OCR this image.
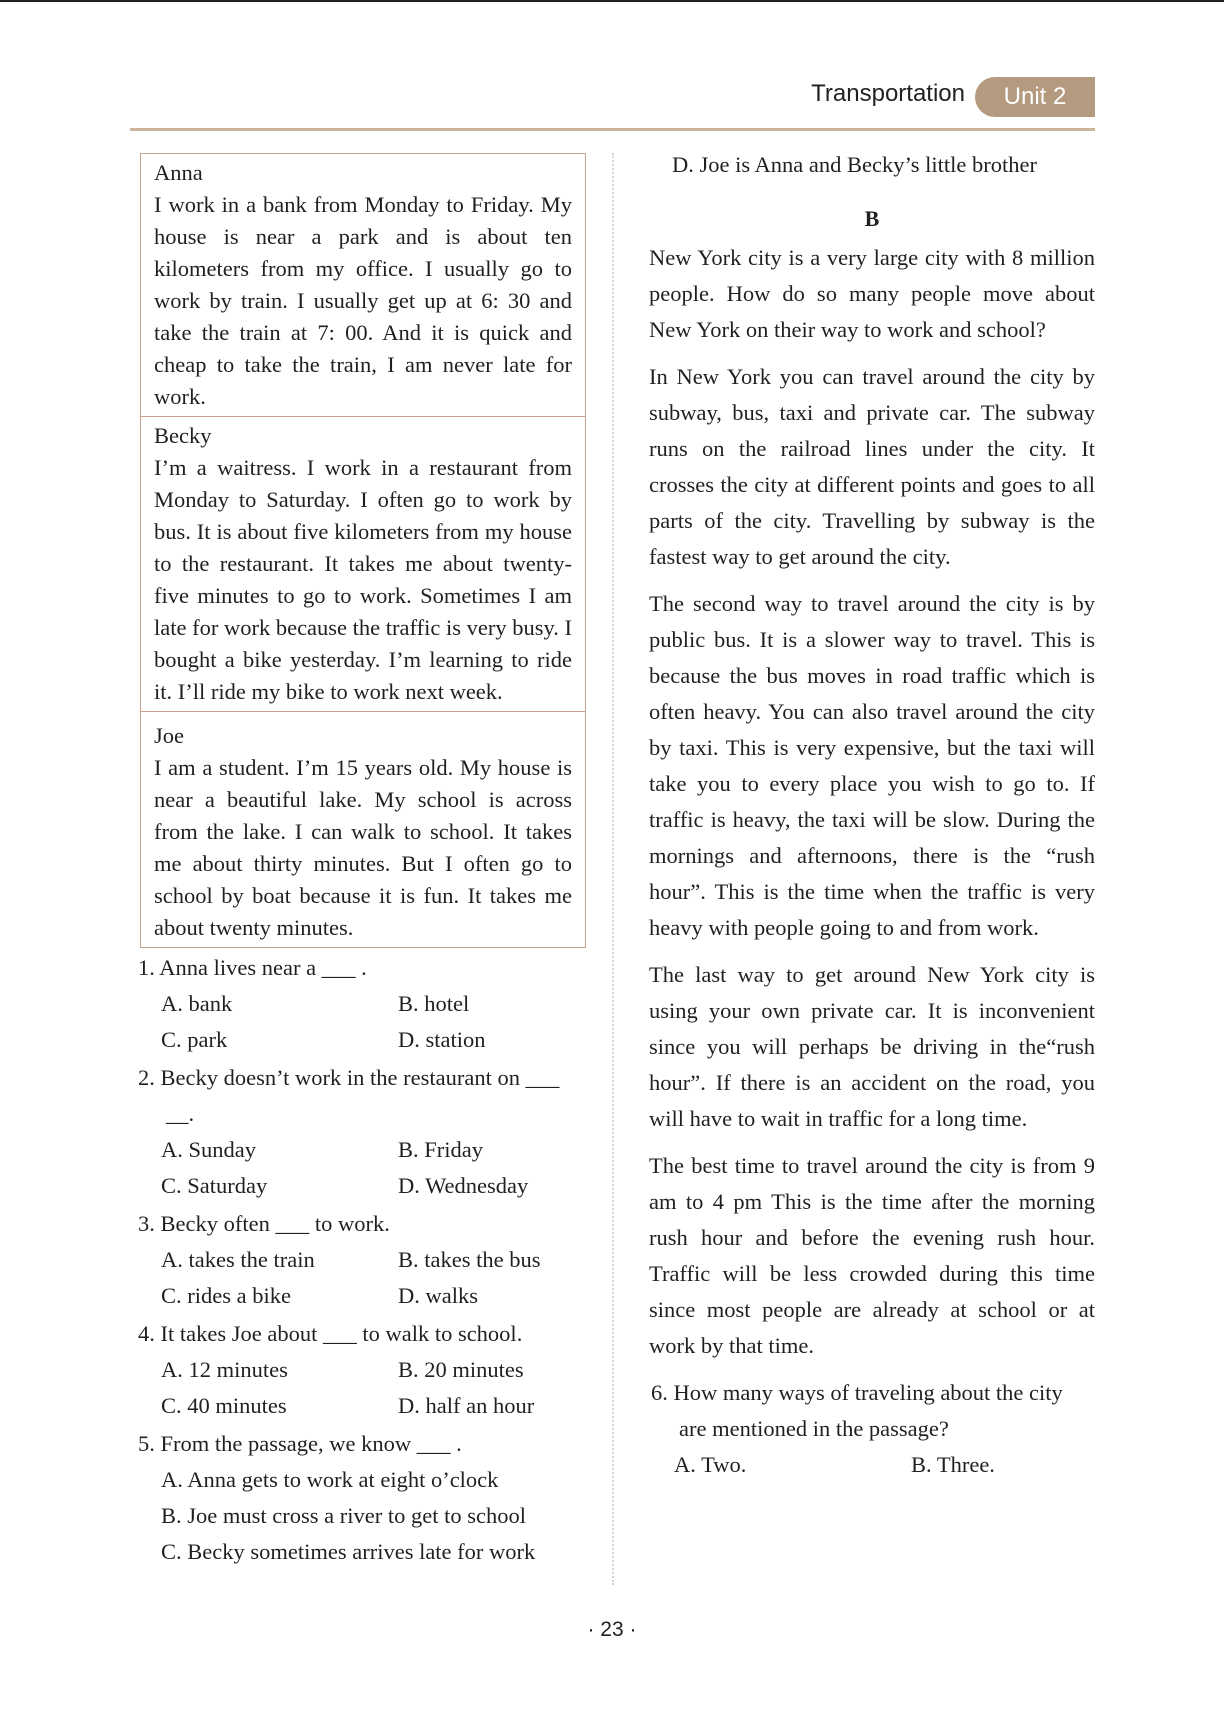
Transportation	Unit 2
Anna
I work in a bank from Monday to Friday. My house is near a park and is about ten kilometers from my office. I usually go to work by train. I usually get up at 6: 30 and take the train at 7: 00. And it is quick and cheap to take the train, I am never late for work.
Becky
I’m a waitress. I work in a restaurant from Monday to Saturday. I often go to work by bus. It is about five kilometers from my house to the restaurant. It takes me about twenty-five minutes to go to work. Sometimes I am late for work because the traffic is very busy. I bought a bike yesterday. I’m learning to ride it. I’ll ride my bike to work next week.
Joe
I am a student. I’m 15 years old. My house is near a beautiful lake. My school is across from the lake. I can walk to school. It takes me about thirty minutes. But I often go to school by boat because it is fun. It takes me about twenty minutes.
1. Anna lives near a ___ .
A. bank	B. hotel
C. park	D. station
2. Becky doesn’t work in the restaurant on ___
__.
A. Sunday	B. Friday
C. Saturday	D. Wednesday
3. Becky often ___ to work.
A. takes the train	B. takes the bus
C. rides a bike	D. walks
4. It takes Joe about ___ to walk to school.
A. 12 minutes	B. 20 minutes
C. 40 minutes	D. half an hour
5. From the passage, we know ___ .
A. Anna gets to work at eight o’clock
B. Joe must cross a river to get to school
C. Becky sometimes arrives late for work
D. Joe is Anna and Becky’s little brother
B

New York city is a very large city with 8 million people. How do so many people move about New York on their way to work and school?

In New York you can travel around the city by subway, bus, taxi and private car. The subway runs on the railroad lines under the city. It crosses the city at different points and goes to all parts of the city. Travelling by subway is the fastest way to get around the city.

The second way to travel around the city is by public bus. It is a slower way to travel. This is because the bus moves in road traffic which is often heavy. You can also travel around the city by taxi. This is very expensive, but the taxi will take you to every place you wish to go to. If traffic is heavy, the taxi will be slow. During the mornings and afternoons, there is the “rush hour”. This is the time when the traffic is very heavy with people going to and from work.

The last way to get around New York city is using your own private car. It is inconvenient since you will perhaps be driving in the“rush hour”. If there is an accident on the road, you will have to wait in traffic for a long time.

The best time to travel around the city is from 9 am to 4 pm This is the time after the morning rush hour and before the evening rush hour. Traffic will be less crowded during this time since most people are already at school or at work by that time.

6. How many ways of traveling about the city
are mentioned in the passage?
A. Two.	B. Three.
· 23 ·
